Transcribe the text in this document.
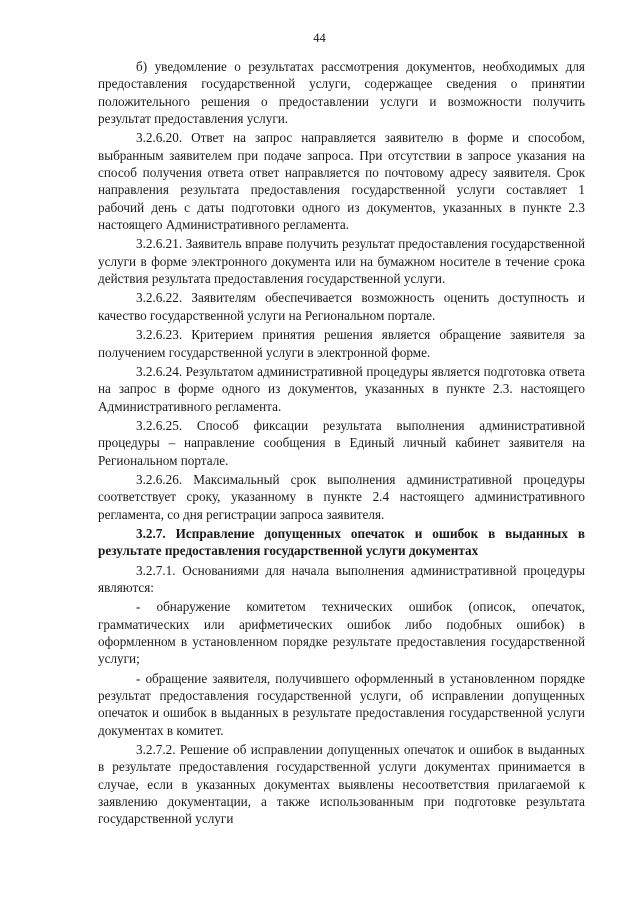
44

б) уведомление о результатах рассмотрения документов, необходимых для предоставления государственной услуги, содержащее сведения о принятии положительного решения о предоставлении услуги и возможности получить результат предоставления услуги.

3.2.6.20. Ответ на запрос направляется заявителю в форме и способом, выбранным заявителем при подаче запроса. При отсутствии в запросе указания на способ получения ответа ответ направляется по почтовому адресу заявителя. Срок направления результата предоставления государственной услуги составляет 1 рабочий день с даты подготовки одного из документов, указанных в пункте 2.3 настоящего Административного регламента.

3.2.6.21. Заявитель вправе получить результат предоставления государственной услуги в форме электронного документа или на бумажном носителе в течение срока действия результата предоставления государственной услуги.

3.2.6.22. Заявителям обеспечивается возможность оценить доступность и качество государственной услуги на Региональном портале.

3.2.6.23. Критерием принятия решения является обращение заявителя за получением государственной услуги в электронной форме.

3.2.6.24. Результатом административной процедуры является подготовка ответа на запрос в форме одного из документов, указанных в пункте 2.3. настоящего Административного регламента.

3.2.6.25. Способ фиксации результата выполнения административной процедуры – направление сообщения в Единый личный кабинет заявителя на Региональном портале.

3.2.6.26. Максимальный срок выполнения административной процедуры соответствует сроку, указанному в пункте 2.4 настоящего административного регламента, со дня регистрации запроса заявителя.

3.2.7. Исправление допущенных опечаток и ошибок в выданных в результате предоставления государственной услуги документах

3.2.7.1. Основаниями для начала выполнения административной процедуры являются:

- обнаружение комитетом технических ошибок (описок, опечаток, грамматических или арифметических ошибок либо подобных ошибок) в оформленном в установленном порядке результате предоставления государственной услуги;

- обращение заявителя, получившего оформленный в установленном порядке результат предоставления государственной услуги, об исправлении допущенных опечаток и ошибок в выданных в результате предоставления государственной услуги документах в комитет.

3.2.7.2. Решение об исправлении допущенных опечаток и ошибок в выданных в результате предоставления государственной услуги документах принимается в случае, если в указанных документах выявлены несоответствия прилагаемой к заявлению документации, а также использованным при подготовке результата государственной услуги
